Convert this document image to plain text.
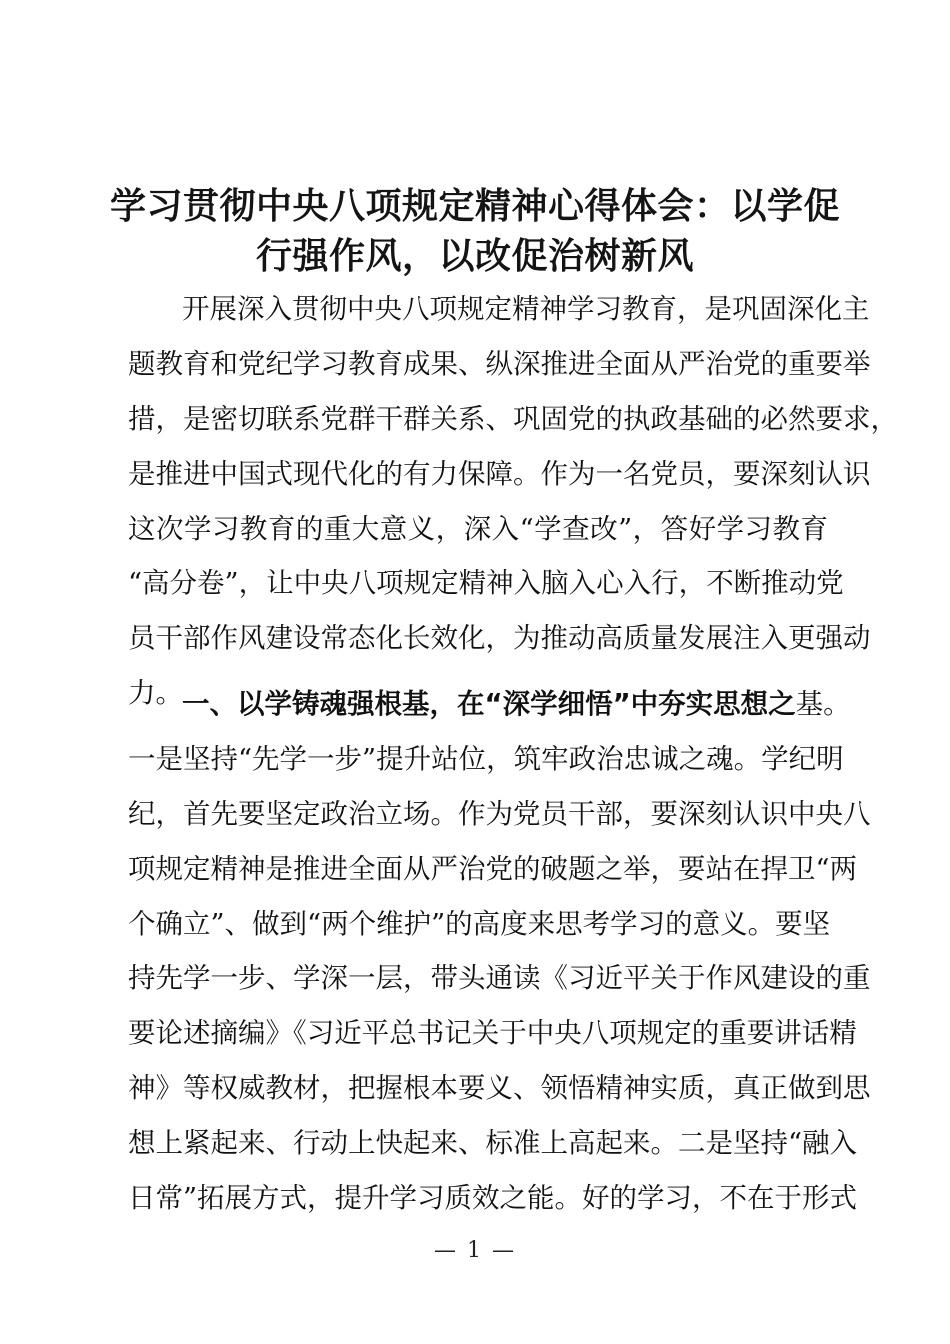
学习贯彻中央八项规定精神心得体会：以学促
行强作风，以改促治树新风
开展深入贯彻中央八项规定精神学习教育，是巩固深化主
题教育和党纪学习教育成果、纵深推进全面从严治党的重要举
措，是密切联系党群干群关系、巩固党的执政基础的必然要求，
是推进中国式现代化的有力保障。作为一名党员，要深刻认识
这次学习教育的重大意义，深入“学查改”，答好学习教育
“高分卷”，让中央八项规定精神入脑入心入行，不断推动党
员干部作风建设常态化长效化，为推动高质量发展注入更强动
力。 一、以学铸魂强根基，在“深学细悟”中夯实思想之基。
一是坚持“先学一步”提升站位，筑牢政治忠诚之魂。学纪明
纪，首先要坚定政治立场。作为党员干部，要深刻认识中央八
项规定精神是推进全面从严治党的破题之举，要站在捍卫“两
个确立”、做到“两个维护”的高度来思考学习的意义。要坚
持先学一步、学深一层，带头通读《习近平关于作风建设的重
要论述摘编》《习近平总书记关于中央八项规定的重要讲话精
神》等权威教材，把握根本要义、领悟精神实质，真正做到思
想上紧起来、行动上快起来、标准上高起来。二是坚持“融入
日常”拓展方式，提升学习质效之能。好的学习，不在于形式
— 1 —
